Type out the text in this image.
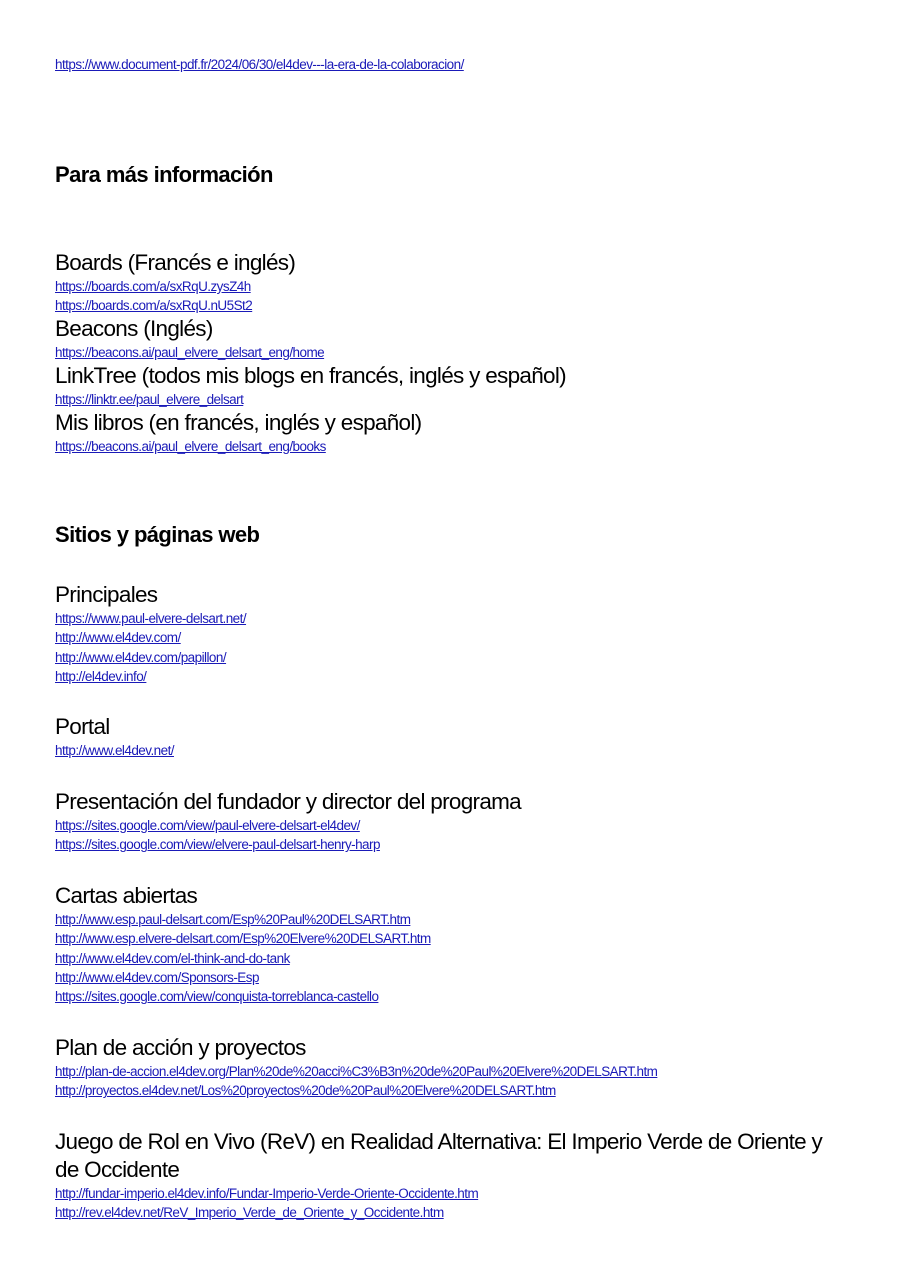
https://www.document-pdf.fr/2024/06/30/el4dev---la-era-de-la-colaboracion/
Para más información
Boards (Francés e inglés)
https://boards.com/a/sxRqU.zysZ4h
https://boards.com/a/sxRqU.nU5St2
Beacons (Inglés)
https://beacons.ai/paul_elvere_delsart_eng/home
LinkTree (todos mis blogs en francés, inglés y español)
https://linktr.ee/paul_elvere_delsart
Mis libros (en francés, inglés y español)
https://beacons.ai/paul_elvere_delsart_eng/books
Sitios y páginas web
Principales
https://www.paul-elvere-delsart.net/
http://www.el4dev.com/
http://www.el4dev.com/papillon/
http://el4dev.info/
Portal
http://www.el4dev.net/
Presentación del fundador y director del programa
https://sites.google.com/view/paul-elvere-delsart-el4dev/
https://sites.google.com/view/elvere-paul-delsart-henry-harp
Cartas abiertas
http://www.esp.paul-delsart.com/Esp%20Paul%20DELSART.htm
http://www.esp.elvere-delsart.com/Esp%20Elvere%20DELSART.htm
http://www.el4dev.com/el-think-and-do-tank
http://www.el4dev.com/Sponsors-Esp
https://sites.google.com/view/conquista-torreblanca-castello
Plan de acción y proyectos
http://plan-de-accion.el4dev.org/Plan%20de%20acci%C3%B3n%20de%20Paul%20Elvere%20DELSART.htm
http://proyectos.el4dev.net/Los%20proyectos%20de%20Paul%20Elvere%20DELSART.htm
Juego de Rol en Vivo (ReV) en Realidad Alternativa: El Imperio Verde de Oriente y de Occidente
http://fundar-imperio.el4dev.info/Fundar-Imperio-Verde-Oriente-Occidente.htm
http://rev.el4dev.net/ReV_Imperio_Verde_de_Oriente_y_Occidente.htm
